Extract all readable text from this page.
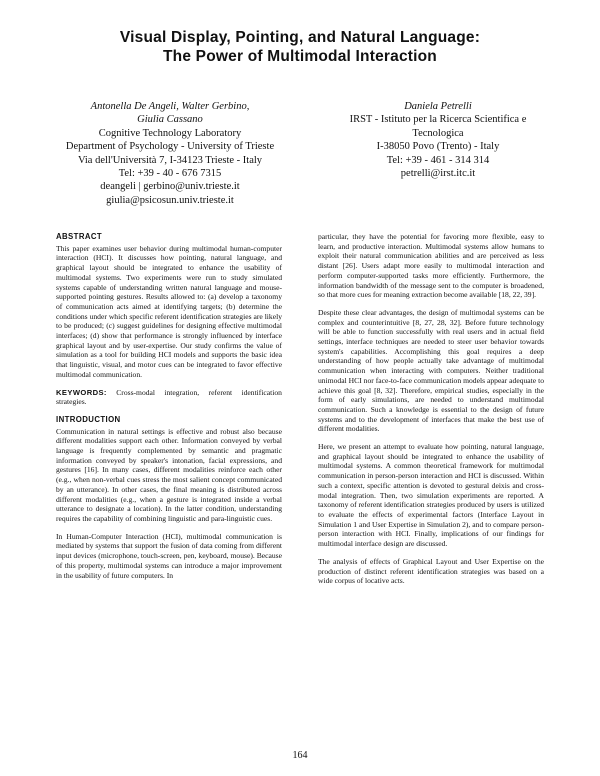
Visual Display, Pointing, and Natural Language:
The Power of Multimodal Interaction
Antonella De Angeli, Walter Gerbino,
Giulia Cassano
Cognitive Technology Laboratory
Department of Psychology - University of Trieste
Via dell'Università 7, I-34123 Trieste - Italy
Tel: +39 - 40 - 676 7315
deangeli | gerbino@univ.trieste.it
giulia@psicosun.univ.trieste.it
Daniela Petrelli
IRST - Istituto per la Ricerca Scientifica e
Tecnologica
I-38050 Povo (Trento) - Italy
Tel: +39 - 461 - 314 314
petrelli@irst.itc.it
ABSTRACT

This paper examines user behavior during multimodal human-computer interaction (HCI). It discusses how pointing, natural language, and graphical layout should be integrated to enhance the usability of multimodal systems. Two experiments were run to study simulated systems capable of understanding written natural language and mouse-supported pointing gestures. Results allowed to: (a) develop a taxonomy of communication acts aimed at identifying targets; (b) determine the conditions under which specific referent identification strategies are likely to be produced; (c) suggest guidelines for designing effective multimodal interfaces; (d) show that performance is strongly influenced by interface graphical layout and by user-expertise. Our study confirms the value of simulation as a tool for building HCI models and supports the basic idea that linguistic, visual, and motor cues can be integrated to favor effective multimodal communication.

KEYWORDS: Cross-modal integration, referent identification strategies.

INTRODUCTION

Communication in natural settings is effective and robust also because different modalities support each other. Information conveyed by verbal language is frequently complemented by semantic and pragmatic information conveyed by speaker's intonation, facial expressions, and gestures [16]. In many cases, different modalities reinforce each other (e.g., when non-verbal cues stress the most salient concept communicated by an utterance). In other cases, the final meaning is distributed across different modalities (e.g., when a gesture is integrated inside a verbal utterance to designate a location). In the latter condition, understanding requires the capability of combining linguistic and para-linguistic cues.

In Human-Computer Interaction (HCI), multimodal communication is mediated by systems that support the fusion of data coming from different input devices (microphone, touch-screen, pen, keyboard, mouse). Because of this property, multimodal systems can introduce a major improvement in the usability of future computers. In

particular, they have the potential for favoring more flexible, easy to learn, and productive interaction. Multimodal systems allow humans to exploit their natural communication abilities and are perceived as less distant [26]. Users adapt more easily to multimodal interaction and perform computer-supported tasks more efficiently. Furthermore, the information bandwidth of the message sent to the computer is broadened, so that more cues for meaning extraction become available [18, 22, 39].

Despite these clear advantages, the design of multimodal systems can be complex and counterintuitive [8, 27, 28, 32]. Before future technology will be able to function successfully with real users and in actual field settings, interface techniques are needed to steer user behavior towards system's capabilities. Accomplishing this goal requires a deep understanding of how people actually take advantage of multimodal communication when interacting with computers. Neither traditional unimodal HCI nor face-to-face communication models appear adequate to achieve this goal [8, 32]. Therefore, empirical studies, especially in the form of early simulations, are needed to understand multimodal communication. Such a knowledge is essential to the design of future systems and to the development of interfaces that make the best use of different modalities.

Here, we present an attempt to evaluate how pointing, natural language, and graphical layout should be integrated to enhance the usability of multimodal systems. A common theoretical framework for multimodal communication in person-person interaction and HCI is discussed. Within such a context, specific attention is devoted to gestural deixis and cross-modal integration. Then, two simulation experiments are reported. A taxonomy of referent identification strategies produced by users is utilized to evaluate the effects of experimental factors (Interface Layout in Simulation 1 and User Expertise in Simulation 2), and to compare person-person interaction with HCI. Finally, implications of our findings for multimodal interface design are discussed.

The analysis of effects of Graphical Layout and User Expertise on the production of distinct referent identification strategies was based on a wide corpus of locative acts.

164
